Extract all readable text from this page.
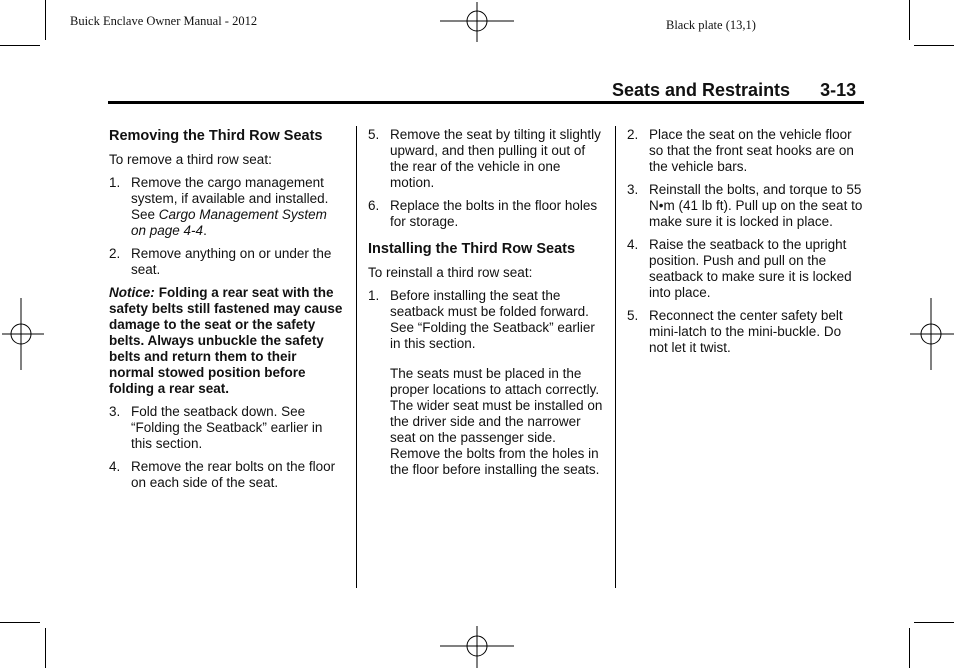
Buick Enclave Owner Manual - 2012	Black plate (13,1)
Seats and Restraints 3-13
Removing the Third Row Seats

To remove a third row seat:

1. Remove the cargo management system, if available and installed. See Cargo Management System on page 4-4.
2. Remove anything on or under the seat.
Notice: Folding a rear seat with the safety belts still fastened may cause damage to the seat or the safety belts. Always unbuckle the safety belts and return them to their normal stowed position before folding a rear seat.
3. Fold the seatback down. See “Folding the Seatback” earlier in this section.
4. Remove the rear bolts on the floor on each side of the seat.
5. Remove the seat by tilting it slightly upward, and then pulling it out of the rear of the vehicle in one motion.
6. Replace the bolts in the floor holes for storage.
Installing the Third Row Seats

To reinstall a third row seat:

1. Before installing the seat the seatback must be folded forward. See “Folding the Seatback” earlier in this section.

The seats must be placed in the proper locations to attach correctly. The wider seat must be installed on the driver side and the narrower seat on the passenger side. Remove the bolts from the holes in the floor before installing the seats.

2. Place the seat on the vehicle floor so that the front seat hooks are on the vehicle bars.
3. Reinstall the bolts, and torque to 55 N•m (41 lb ft). Pull up on the seat to make sure it is locked in place.
4. Raise the seatback to the upright position. Push and pull on the seatback to make sure it is locked into place.
5. Reconnect the center safety belt mini-latch to the mini-buckle. Do not let it twist.
